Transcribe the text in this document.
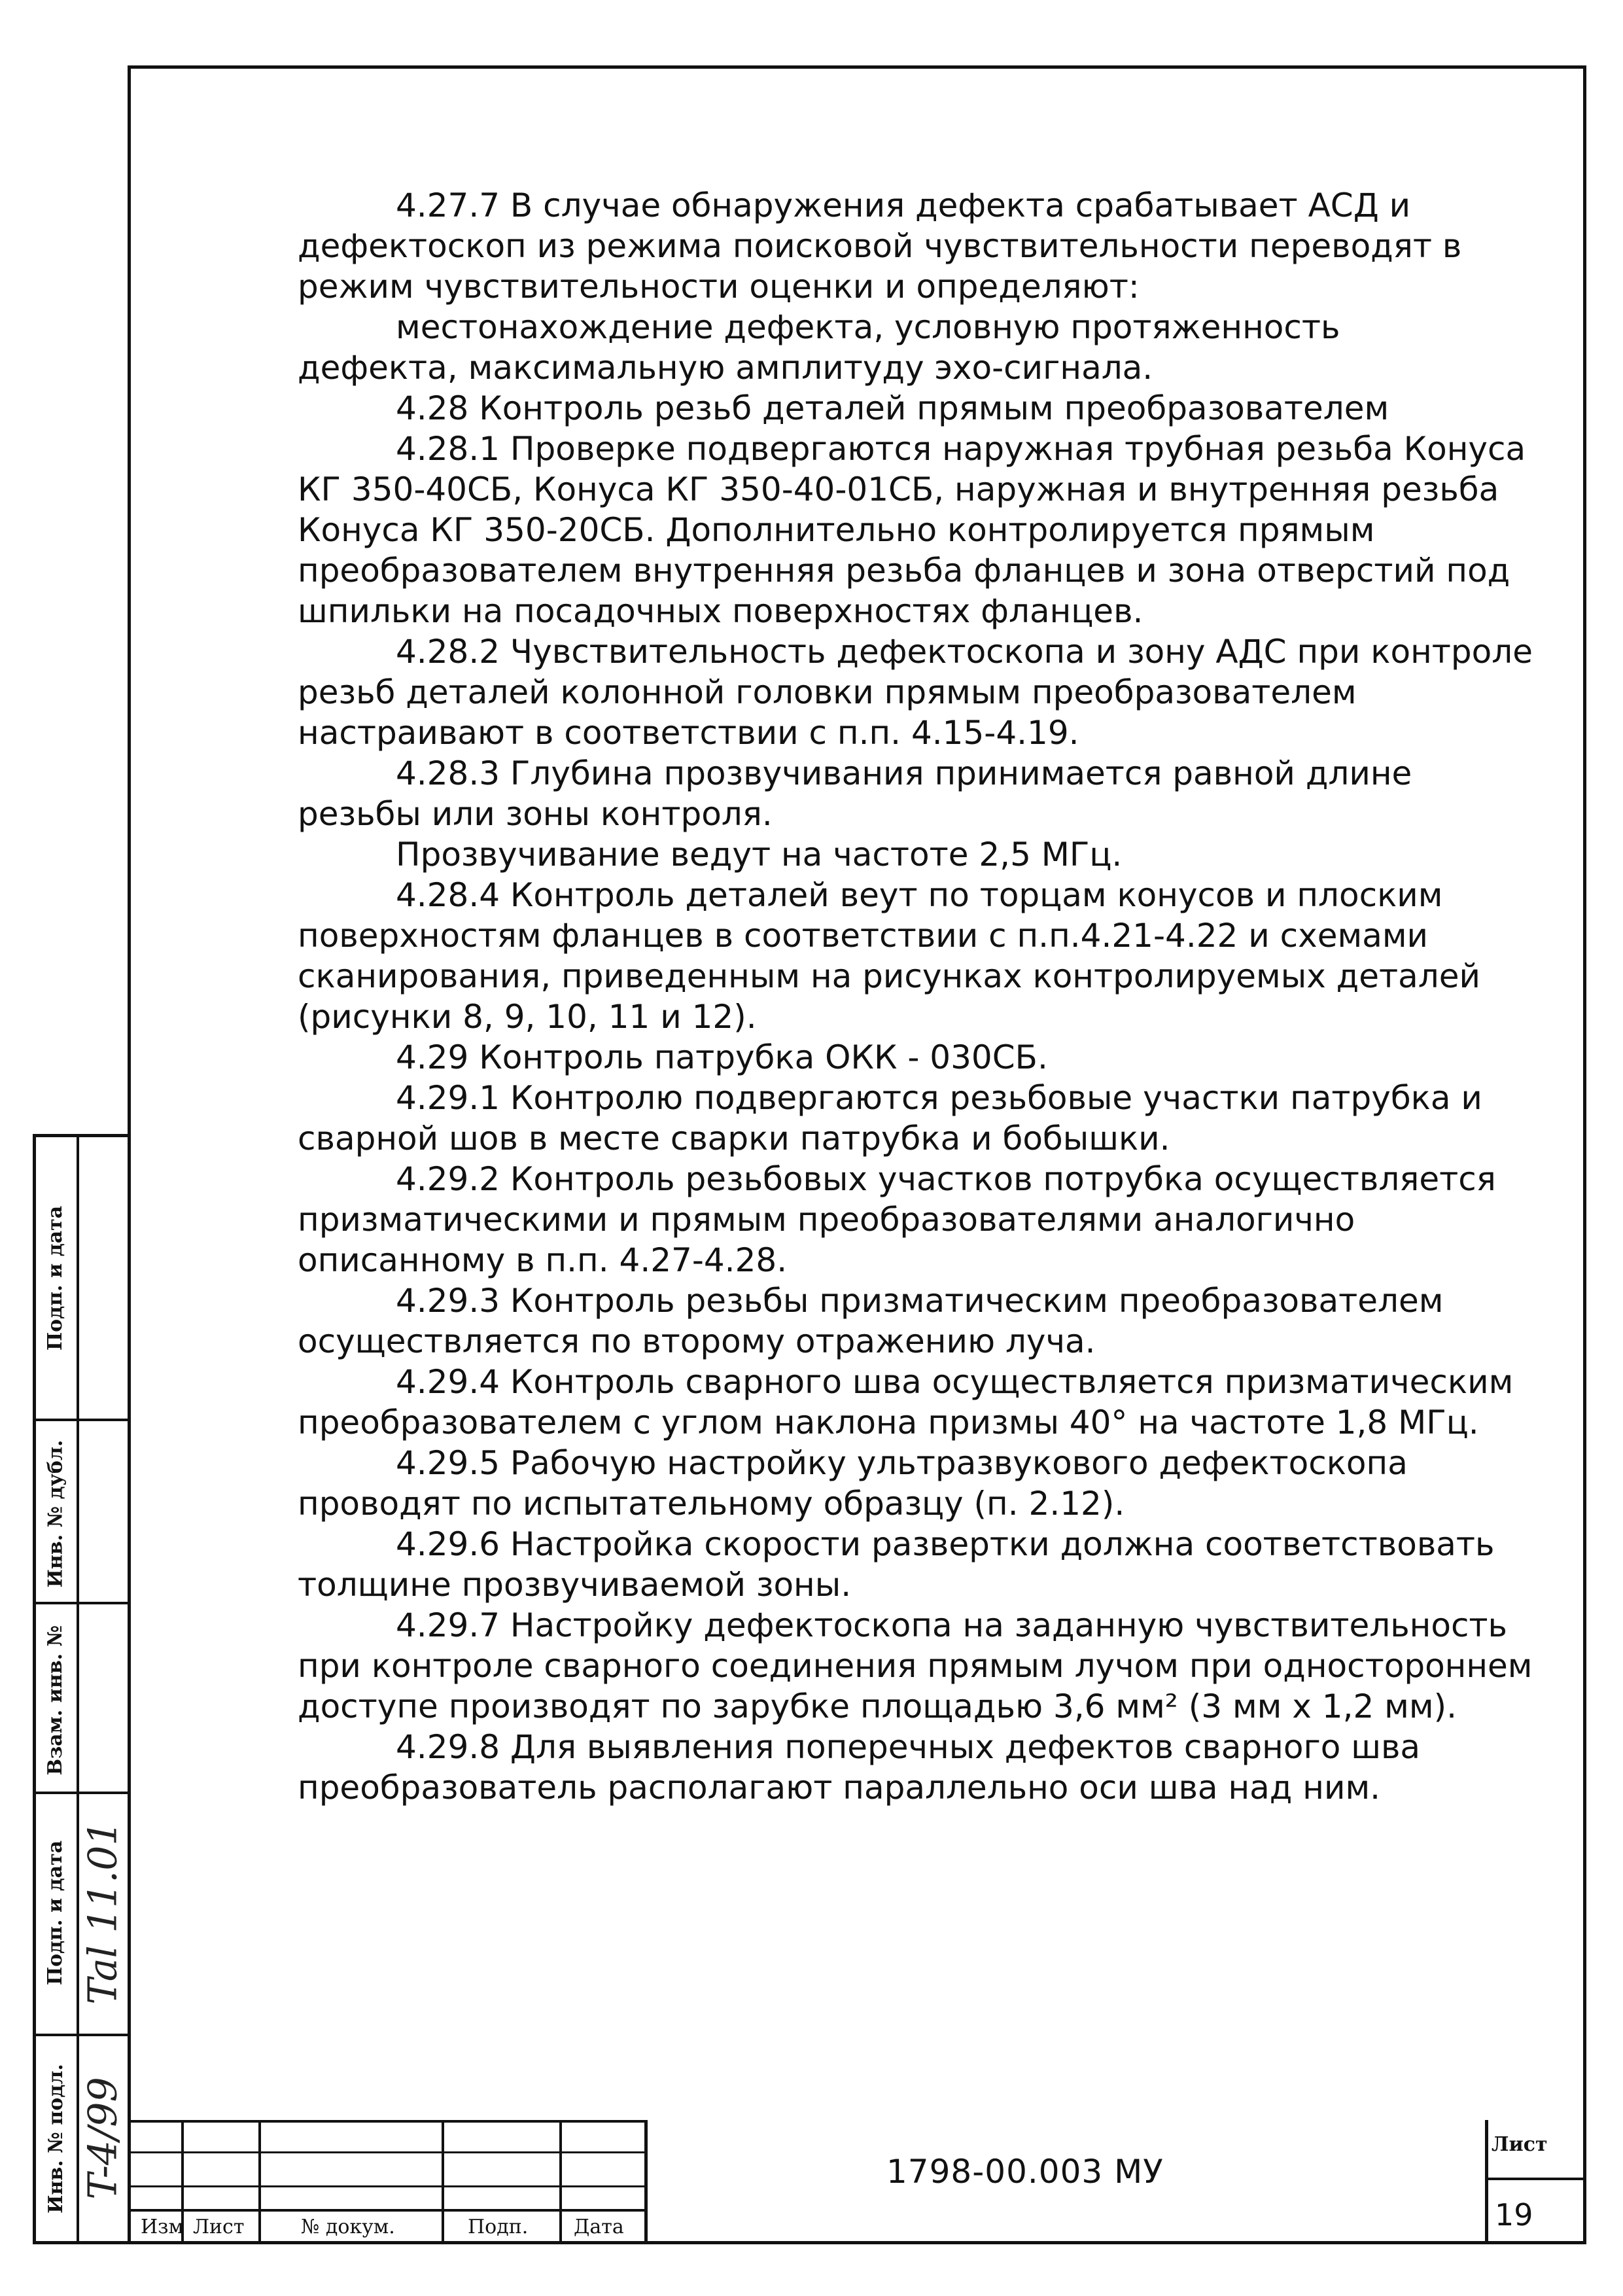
4.27.7 В случае обнаружения дефекта срабатывает АСД и дефектоскоп из режима поисковой чувствительности переводят в режим чувствительности оценки и определяют:

местонахождение дефекта, условную протяженность

дефекта, максимальную амплитуду эхо-сигнала.

4.28 Контроль резьб деталей прямым преобразователем

4.28.1 Проверке подвергаются наружная трубная резьба Конуса КГ 350-40СБ, Конуса КГ 350-40-01СБ, наружная и внутренняя резьба Конуса КГ 350-20СБ. Дополнительно контролируется прямым преобразователем внутренняя резьба фланцев и зона отверстий под шпильки на посадочных поверхностях фланцев.

4.28.2 Чувствительность дефектоскопа и зону АДС при контроле резьб деталей колонной головки прямым преобразователем настраивают в соответствии с п.п. 4.15-4.19.

4.28.3 Глубина прозвучивания принимается равной длине резьбы или зоны контроля.

Прозвучивание ведут на частоте 2,5 МГц.

4.28.4 Контроль деталей веут по торцам конусов и плоским поверхностям фланцев в соответствии с п.п.4.21-4.22 и схемами сканирования, приведенным на рисунках контролируемых деталей (рисунки 8, 9, 10, 11 и 12).

4.29 Контроль патрубка ОКК - 030СБ.

4.29.1 Контролю подвергаются резьбовые участки патрубка и сварной шов в месте сварки патрубка и бобышки.

4.29.2 Контроль резьбовых участков потрубка осуществляется призматическими и прямым преобразователями аналогично описанному в п.п. 4.27-4.28.

4.29.3 Контроль резьбы призматическим преобразователем осуществляется по второму отражению луча.

4.29.4 Контроль сварного шва осуществляется призматическим преобразователем с углом наклона призмы 40° на частоте 1,8 МГц.

4.29.5 Рабочую настройку ультразвукового дефектоскопа проводят по испытательному образцу (п. 2.12).

4.29.6 Настройка скорости развертки должна соответствовать толщине прозвучиваемой зоны.

4.29.7 Настройку дефектоскопа на заданную чувствительность при контроле сварного соединения прямым лучом при одностороннем доступе производят по зарубке площадью 3,6 мм² (3 мм х 1,2 мм).

4.29.8 Для выявления поперечных дефектов сварного шва преобразователь располагают параллельно оси шва над ним.

Подп. и дата
Взам. инв. №
Инв. № дубл.
Подп. и дата
Инв. № подл.
Tal 11.01
T-4/99
Изм Лист	№ докум.	Подп. Дата
1798-00.003 МУ
Лист
19
